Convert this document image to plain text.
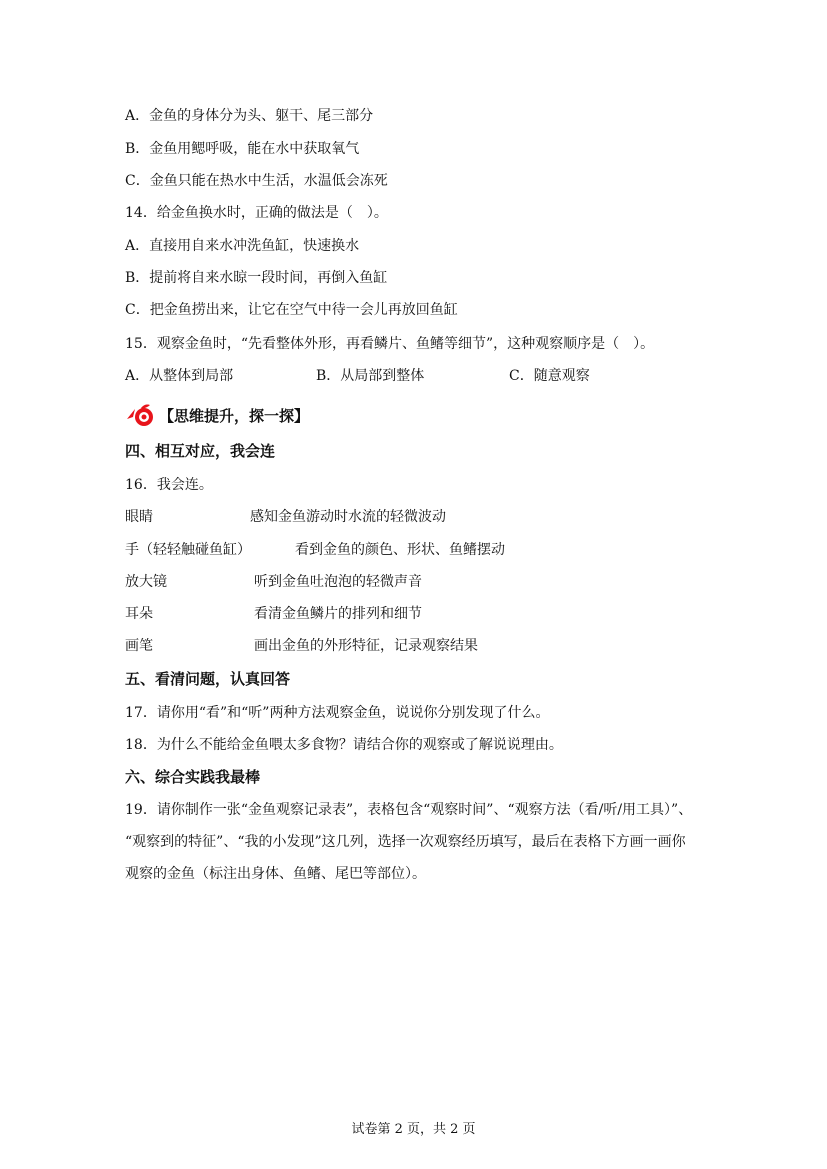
A．金鱼的身体分为头、躯干、尾三部分
B．金鱼用鳃呼吸，能在水中获取氧气
C．金鱼只能在热水中生活，水温低会冻死
14．给金鱼换水时，正确的做法是（　）。
A．直接用自来水冲洗鱼缸，快速换水
B．提前将自来水晾一段时间，再倒入鱼缸
C．把金鱼捞出来，让它在空气中待一会儿再放回鱼缸
15．观察金鱼时，“先看整体外形，再看鳞片、鱼鳍等细节”，这种观察顺序是（　）。
A．从整体到局部	B．从局部到整体	C．随意观察
【思维提升，探一探】
四、相互对应，我会连
16．我会连。
眼睛	感知金鱼游动时水流的轻微波动
手（轻轻触碰鱼缸）	看到金鱼的颜色、形状、鱼鳍摆动
放大镜	听到金鱼吐泡泡的轻微声音
耳朵	看清金鱼鳞片的排列和细节
画笔	画出金鱼的外形特征，记录观察结果
五、看清问题，认真回答
17．请你用“看”和“听”两种方法观察金鱼，说说你分别发现了什么。
18．为什么不能给金鱼喂太多食物？请结合你的观察或了解说说理由。
六、综合实践我最棒
19．请你制作一张“金鱼观察记录表”，表格包含“观察时间”、“观察方法（看/听/用工具）”、
“观察到的特征”、“我的小发现”这几列，选择一次观察经历填写，最后在表格下方画一画你
观察的金鱼（标注出身体、鱼鳍、尾巴等部位）。
试卷第 2 页，共 2 页
